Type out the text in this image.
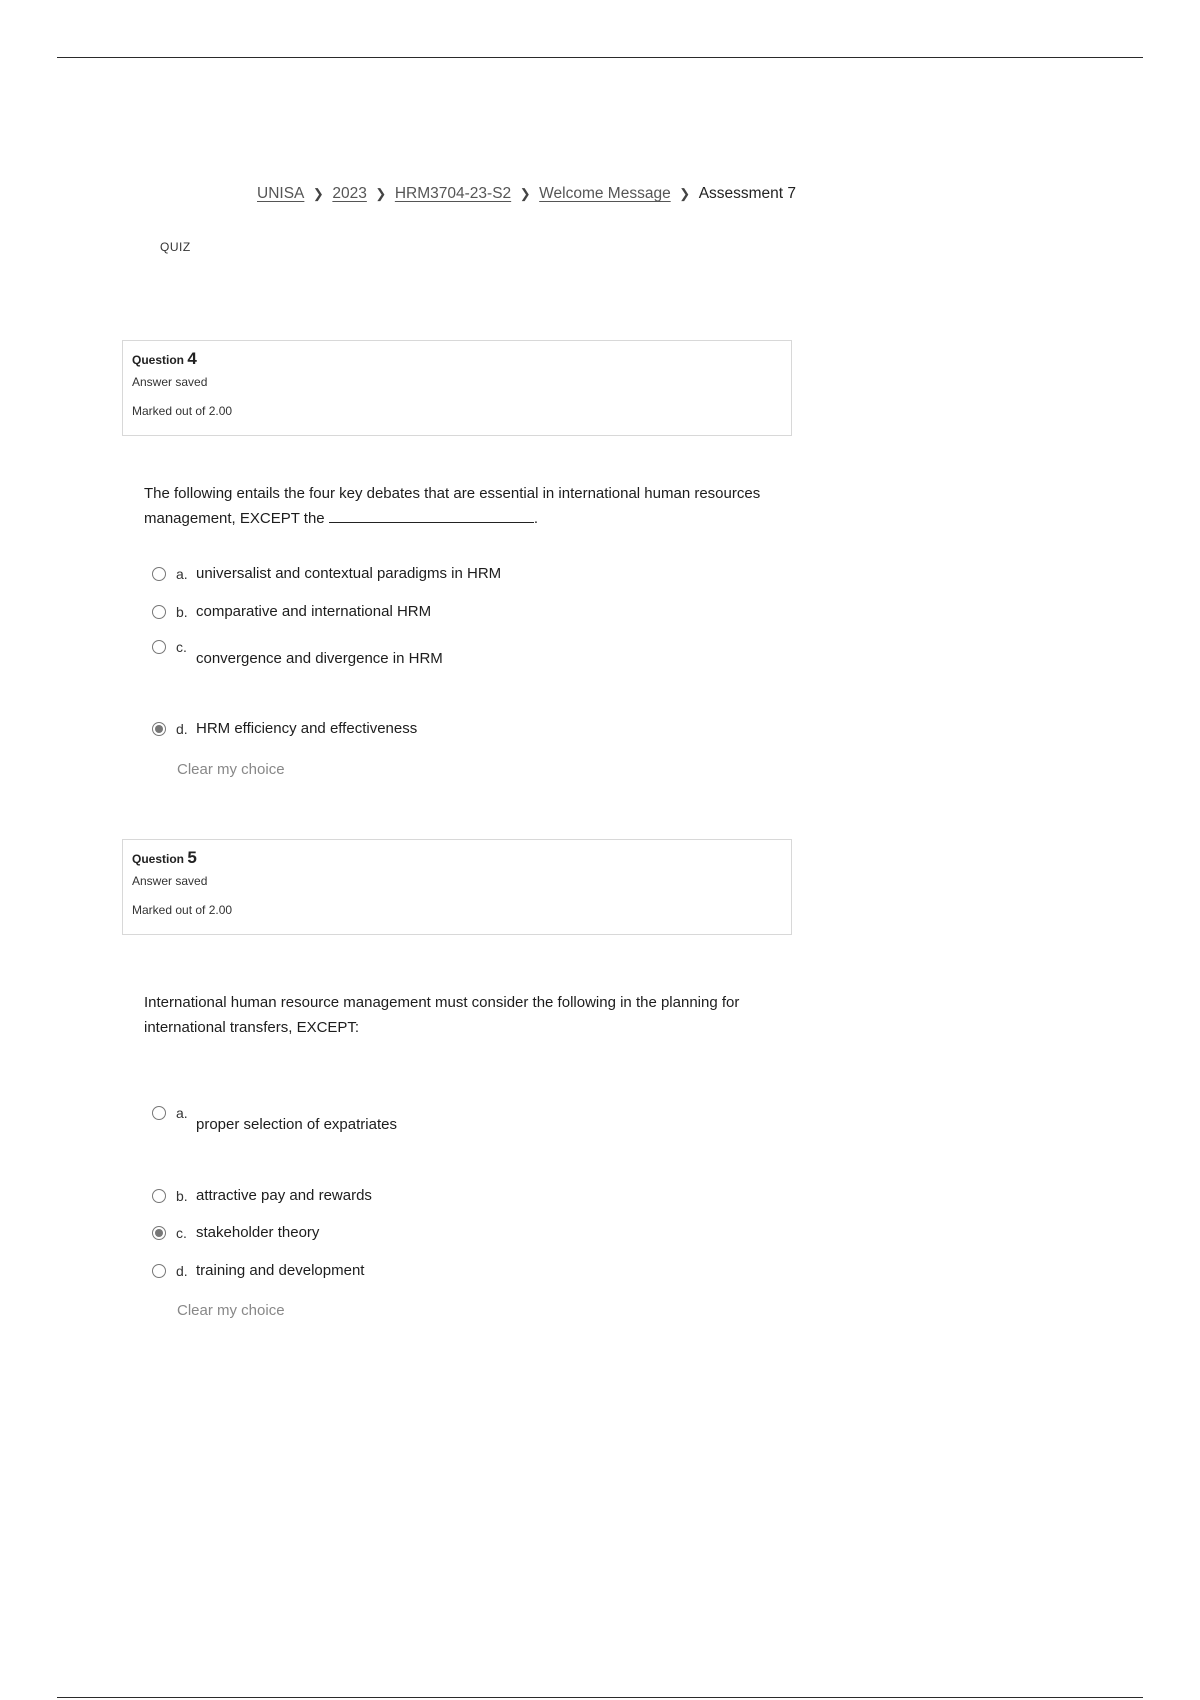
UNISA ❯ 2023 ❯ HRM3704-23-S2 ❯ Welcome Message ❯ Assessment 7
QUIZ
Question 4
Answer saved
Marked out of 2.00
The following entails the four key debates that are essential in international human resources management, EXCEPT the	.
a. universalist and contextual paradigms in HRM
b. comparative and international HRM
c.
convergence and divergence in HRM
d. HRM efficiency and effectiveness
Clear my choice
Question 5
Answer saved
Marked out of 2.00
International human resource management must consider the following in the planning for international transfers, EXCEPT:
a.
proper selection of expatriates
b. attractive pay and rewards
c. stakeholder theory
d. training and development
Clear my choice
